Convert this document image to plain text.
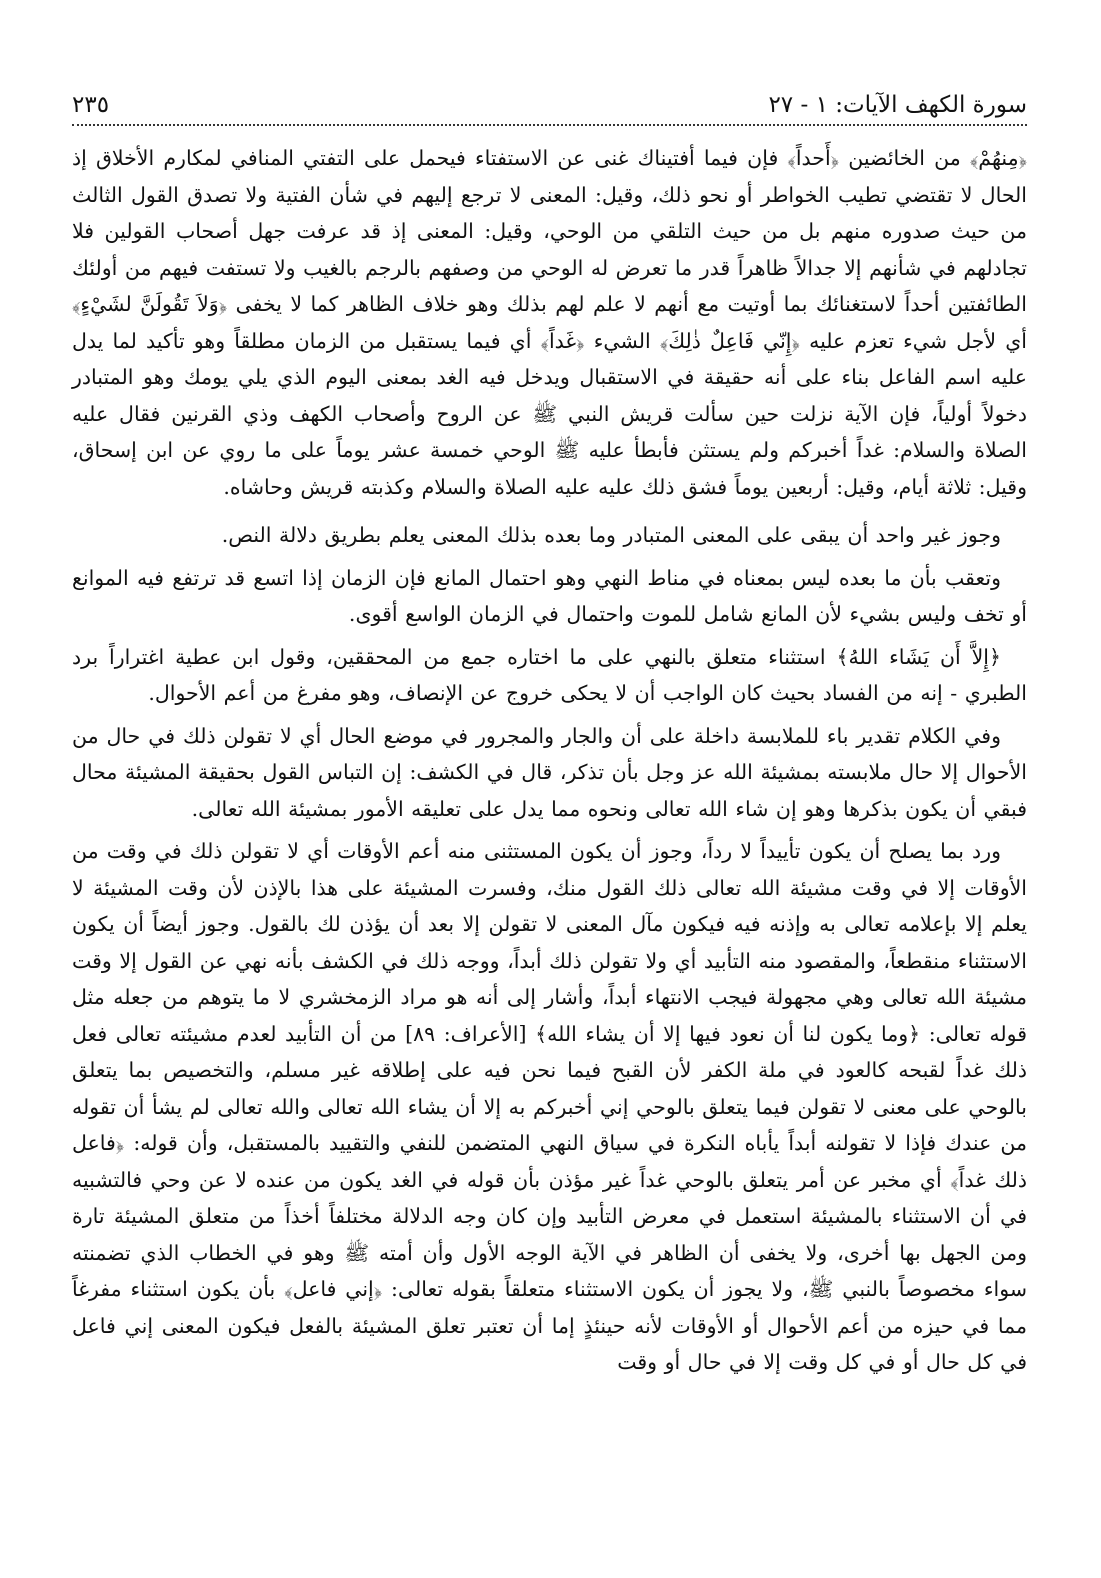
سورة الكهف الآيات: ١ - ٢٧
٢٣٥

﴿مِنهُمْ﴾ من الخائضين ﴿أَحداً﴾ فإن فيما أفتيناك غنى عن الاستفتاء فيحمل على التفتي المنافي لمكارم الأخلاق إذ الحال لا تقتضي تطيب الخواطر أو نحو ذلك، وقيل: المعنى لا ترجع إليهم في شأن الفتية ولا تصدق القول الثالث من حيث صدوره منهم بل من حيث التلقي من الوحي، وقيل: المعنى إذ قد عرفت جهل أصحاب القولين فلا تجادلهم في شأنهم إلا جدالاً ظاهراً قدر ما تعرض له الوحي من وصفهم بالرجم بالغيب ولا تستفت فيهم من أولئك الطائفتين أحداً لاستغنائك بما أوتيت مع أنهم لا علم لهم بذلك وهو خلاف الظاهر كما لا يخفى ﴿وَلاَ تَقُولَنَّ لشَيْءٍ﴾ أي لأجل شيء تعزم عليه ﴿إِنّي فَاعِلٌ ذٰلِكَ﴾ الشيء ﴿غَداً﴾ أي فيما يستقبل من الزمان مطلقاً وهو تأكيد لما يدل عليه اسم الفاعل بناء على أنه حقيقة في الاستقبال ويدخل فيه الغد بمعنى اليوم الذي يلي يومك وهو المتبادر دخولاً أولياً، فإن الآية نزلت حين سألت قريش النبي ﷺ عن الروح وأصحاب الكهف وذي القرنين فقال عليه الصلاة والسلام: غداً أخبركم ولم يستثن فأبطأ عليه ﷺ الوحي خمسة عشر يوماً على ما روي عن ابن إسحاق، وقيل: ثلاثة أيام، وقيل: أربعين يوماً فشق ذلك عليه عليه الصلاة والسلام وكذبته قريش وحاشاه.

وجوز غير واحد أن يبقى على المعنى المتبادر وما بعده بذلك المعنى يعلم بطريق دلالة النص.

وتعقب بأن ما بعده ليس بمعناه في مناط النهي وهو احتمال المانع فإن الزمان إذا اتسع قد ترتفع فيه الموانع أو تخف وليس بشيء لأن المانع شامل للموت واحتمال في الزمان الواسع أقوى.

﴿إِلاَّ أَن يَشَاء اللهُ﴾ استثناء متعلق بالنهي على ما اختاره جمع من المحققين، وقول ابن عطية اغتراراً برد الطبري - إنه من الفساد بحيث كان الواجب أن لا يحكى خروج عن الإنصاف، وهو مفرغ من أعم الأحوال.

وفي الكلام تقدير باء للملابسة داخلة على أن والجار والمجرور في موضع الحال أي لا تقولن ذلك في حال من الأحوال إلا حال ملابسته بمشيئة الله عز وجل بأن تذكر، قال في الكشف: إن التباس القول بحقيقة المشيئة محال فبقي أن يكون بذكرها وهو إن شاء الله تعالى ونحوه مما يدل على تعليقه الأمور بمشيئة الله تعالى.

ورد بما يصلح أن يكون تأييداً لا رداً، وجوز أن يكون المستثنى منه أعم الأوقات أي لا تقولن ذلك في وقت من الأوقات إلا في وقت مشيئة الله تعالى ذلك القول منك، وفسرت المشيئة على هذا بالإذن لأن وقت المشيئة لا يعلم إلا بإعلامه تعالى به وإذنه فيه فيكون مآل المعنى لا تقولن إلا بعد أن يؤذن لك بالقول. وجوز أيضاً أن يكون الاستثناء منقطعاً، والمقصود منه التأبيد أي ولا تقولن ذلك أبداً، ووجه ذلك في الكشف بأنه نهي عن القول إلا وقت مشيئة الله تعالى وهي مجهولة فيجب الانتهاء أبداً، وأشار إلى أنه هو مراد الزمخشري لا ما يتوهم من جعله مثل قوله تعالى: ﴿وما يكون لنا أن نعود فيها إلا أن يشاء الله﴾ [الأعراف: ٨٩] من أن التأبيد لعدم مشيئته تعالى فعل ذلك غداً لقبحه كالعود في ملة الكفر لأن القبح فيما نحن فيه على إطلاقه غير مسلم، والتخصيص بما يتعلق بالوحي على معنى لا تقولن فيما يتعلق بالوحي إني أخبركم به إلا أن يشاء الله تعالى والله تعالى لم يشأ أن تقوله من عندك فإذا لا تقولنه أبداً يأباه النكرة في سياق النهي المتضمن للنفي والتقييد بالمستقبل، وأن قوله: ﴿فاعل ذلك غداً﴾ أي مخبر عن أمر يتعلق بالوحي غداً غير مؤذن بأن قوله في الغد يكون من عنده لا عن وحي فالتشبيه في أن الاستثناء بالمشيئة استعمل في معرض التأبيد وإن كان وجه الدلالة مختلفاً أخذاً من متعلق المشيئة تارة ومن الجهل بها أخرى، ولا يخفى أن الظاهر في الآية الوجه الأول وأن أمته ﷺ وهو في الخطاب الذي تضمنته سواء مخصوصاً بالنبي ﷺ، ولا يجوز أن يكون الاستثناء متعلقاً بقوله تعالى: ﴿إني فاعل﴾ بأن يكون استثناء مفرغاً مما في حيزه من أعم الأحوال أو الأوقات لأنه حينئذٍ إما أن تعتبر تعلق المشيئة بالفعل فيكون المعنى إني فاعل في كل حال أو في كل وقت إلا في حال أو وقت
